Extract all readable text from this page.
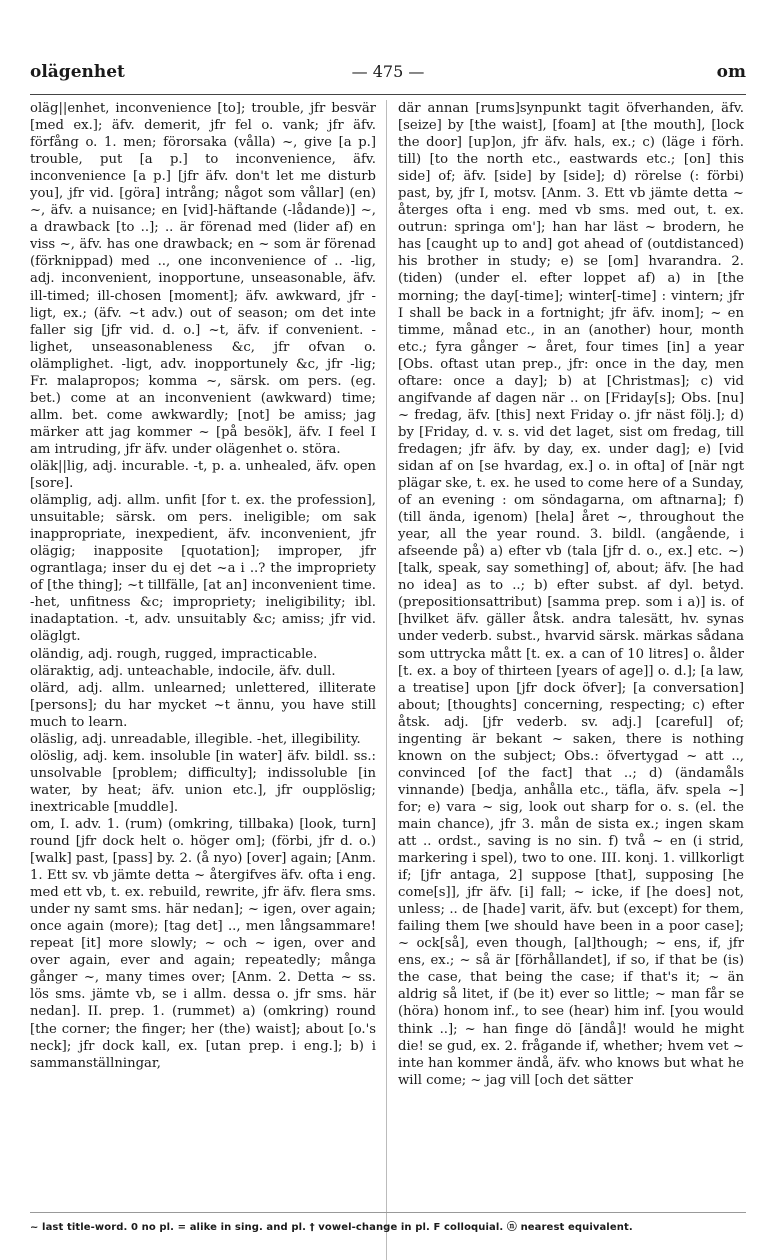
olägenhet	— 475 —	om

oläg||enhet, inconvenience [to]; trouble, jfr besvär [med ex.]; äfv. demerit, jfr fel o. vank; jfr äfv. förfång o. 1. men; förorsaka (vålla) ~, give [a p.] trouble, put [a p.] to inconvenience, äfv. inconvenience [a p.] [jfr äfv. don't let me disturb you], jfr vid. [göra] intrång; något som vållar] (en) ~, äfv. a nuisance; en [vid]-häftande (-lådande)] ~, a drawback [to ..]; .. är förenad med (lider af) en viss ~, äfv. has one drawback; en ~ som är förenad (förknippad) med .., one inconvenience of .. -lig, adj. inconvenient, inopportune, unseasonable, äfv. ill-timed; ill-chosen [moment]; äfv. awkward, jfr -ligt, ex.; (äfv. ~t adv.) out of season; om det inte faller sig [jfr vid. d. o.] ~t, äfv. if convenient. -lighet, unseasonableness &c, jfr ofvan o. olämplighet. -ligt, adv. inopportunely &c, jfr -lig; Fr. malapropos; komma ~, särsk. om pers. (eg. bet.) come at an inconvenient (awkward) time; allm. bet. come awkwardly; [not] be amiss; jag märker att jag kommer ~ [på besök], äfv. I feel I am intruding, jfr äfv. under olägenhet o. störa.

oläk||lig, adj. incurable. -t, p. a. unhealed, äfv. open [sore].

olämplig, adj. allm. unfit [for t. ex. the profession], unsuitable; särsk. om pers. ineligible; om sak inappropriate, inexpedient, äfv. inconvenient, jfr olägig; inapposite [quotation]; improper, jfr ograntlaga; inser du ej det ~a i ..? the impropriety of [the thing]; ~t tillfälle, [at an] inconvenient time. -het, unfitness &c; impropriety; ineligibility; ibl. inadaptation. -t, adv. unsuitably &c; amiss; jfr vid. oläglgt.

oländig, adj. rough, rugged, impracticable.

oläraktig, adj. unteachable, indocile, äfv. dull.

olärd, adj. allm. unlearned; unlettered, illiterate [persons]; du har mycket ~t ännu, you have still much to learn.

oläslig, adj. unreadable, illegible. -het, illegibility.

olöslig, adj. kem. insoluble [in water] äfv. bildl. ss.: unsolvable [problem; difficulty]; indissoluble [in water, by heat; äfv. union etc.], jfr oupplöslig; inextricable [muddle].

om, I. adv. 1. (rum) (omkring, tillbaka) [look, turn] round [jfr dock helt o. höger om]; (förbi, jfr d. o.) [walk] past, [pass] by. 2. (å nyo) [over] again; [Anm. 1. Ett sv. vb jämte detta ~ återgifves äfv. ofta i eng. med ett vb, t. ex. rebuild, rewrite, jfr äfv. flera sms. under ny samt sms. här nedan]; ~ igen, over again; once again (more); [tag det] .., men långsammare! repeat [it] more slowly; ~ och ~ igen, over and over again, ever and again; repeatedly; många gånger ~, many times over; [Anm. 2. Detta ~ ss. lös sms. jämte vb, se i allm. dessa o. jfr sms. här nedan]. II. prep. 1. (rummet) a) (omkring) round [the corner; the finger; her (the) waist]; about [o.'s neck]; jfr dock kall, ex. [utan prep. i eng.]; b) i sammanställningar,

där annan [rums]synpunkt tagit öfverhanden, äfv. [seize] by [the waist], [foam] at [the mouth], [lock the door] [up]on, jfr äfv. hals, ex.; c) (läge i förh. till) [to the north etc., eastwards etc.; [on] this side] of; äfv. [side] by [side]; d) rörelse (: förbi) past, by, jfr I, motsv. [Anm. 3. Ett vb jämte detta ~ återges ofta i eng. med vb sms. med out, t. ex. outrun: springa om']; han har läst ~ brodern, he has [caught up to and] got ahead of (outdistanced) his brother in study; e) se [om] hvarandra. 2. (tiden) (under el. efter loppet af) a) in [the morning; the day[-time]; winter[-time] : vintern; jfr I shall be back in a fortnight; jfr äfv. inom]; ~ en timme, månad etc., in an (another) hour, month etc.; fyra gånger ~ året, four times [in] a year [Obs. oftast utan prep., jfr: once in the day, men oftare: once a day]; b) at [Christmas]; c) vid angifvande af dagen när .. on [Friday[s]; Obs. [nu] ~ fredag, äfv. [this] next Friday o. jfr näst följ.]; d) by [Friday, d. v. s. vid det laget, sist om fredag, till fredagen; jfr äfv. by day, ex. under dag]; e) [vid sidan af on [se hvardag, ex.] o. in ofta] of [när ngt plägar ske, t. ex. he used to come here of a Sunday, of an evening : om söndagarna, om aftnarna]; f) (till ända, igenom) [hela] året ~, throughout the year, all the year round. 3. bildl. (angående, i afseende på) a) efter vb (tala [jfr d. o., ex.] etc. ~) [talk, speak, say something] of, about; äfv. [he had no idea] as to ..; b) efter subst. af dyl. betyd. (prepositionsattribut) [samma prep. som i a)] is. of [hvilket äfv. gäller åtsk. andra talesätt, hv. synas under vederb. subst., hvarvid särsk. märkas sådana som uttrycka mått [t. ex. a can of 10 litres] o. ålder [t. ex. a boy of thirteen [years of age]] o. d.]; [a law, a treatise] upon [jfr dock öfver]; [a conversation] about; [thoughts] concerning, respecting; c) efter åtsk. adj. [jfr vederb. sv. adj.] [careful] of; ingenting är bekant ~ saken, there is nothing known on the subject; Obs.: öfvertygad ~ att .., convinced [of the fact] that ..; d) (ändamåls vinnande) [bedja, anhålla etc., täfla, äfv. spela ~] for; e) vara ~ sig, look out sharp for o. s. (el. the main chance), jfr 3. mån de sista ex.; ingen skam att .. ordst., saving is no sin. f) två ~ en (i strid, markering i spel), two to one. III. konj. 1. villkorligt if; [jfr antaga, 2] suppose [that], supposing [he come[s]], jfr äfv. [i] fall; ~ icke, if [he does] not, unless; .. de [hade] varit, äfv. but (except) for them, failing them [we should have been in a poor case]; ~ ock[så], even though, [al]though; ~ ens, if, jfr ens, ex.; ~ så är [förhållandet], if so, if that be (is) the case, that being the case; if that's it; ~ än aldrig så litet, if (be it) ever so little; ~ man får se (höra) honom inf., to see (hear) him inf. [you would think ..]; ~ han finge dö [ändå]! would he might die! se gud, ex. 2. frågande if, whether; hvem vet ~ inte han kommer ändå, äfv. who knows but what he will come; ~ jag vill [och det sätter

~ last title-word. 0 no pl. = alike in sing. and pl. † vowel-change in pl. F colloquial. ⓝ nearest equivalent.
